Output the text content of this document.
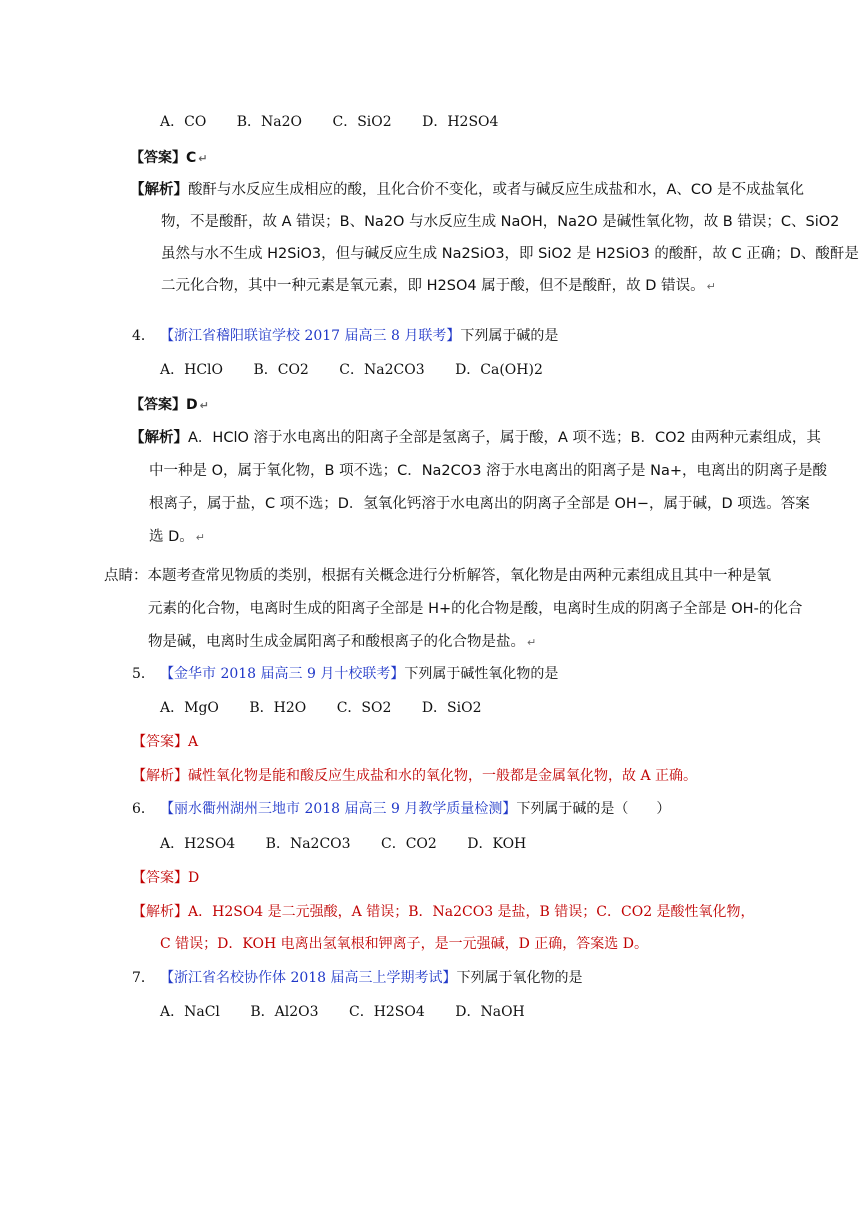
A．CO B．Na2O C．SiO2 D．H2SO4
【答案】C ↵
【解析】酸酐与水反应生成相应的酸，且化合价不变化，或者与碱反应生成盐和水，A、CO 是不成盐氧化
物，不是酸酐，故 A 错误；B、Na2O 与水反应生成 NaOH，Na2O 是碱性氧化物，故 B 错误；C、SiO2
虽然与水不生成 H2SiO3，但与碱反应生成 Na2SiO3，即 SiO2 是 H2SiO3 的酸酐，故 C 正确；D、酸酐是
二元化合物，其中一种元素是氧元素，即 H2SO4 属于酸，但不是酸酐，故 D 错误。 ↵
4． 【浙江省稽阳联谊学校 2017 届高三 8 月联考】下列属于碱的是
A．HClO B．CO2 C．Na2CO3 D．Ca(OH)2
【答案】D ↵
【解析】A．HClO 溶于水电离出的阳离子全部是氢离子，属于酸，A 项不选；B．CO2 由两种元素组成，其
中一种是 O，属于氧化物，B 项不选；C．Na2CO3 溶于水电离出的阳离子是 Na+，电离出的阴离子是酸
根离子，属于盐，C 项不选；D．氢氧化钙溶于水电离出的阴离子全部是 OH−，属于碱，D 项选。答案
选 D。 ↵
点睛：本题考查常见物质的类别，根据有关概念进行分析解答，氧化物是由两种元素组成且其中一种是氧
元素的化合物，电离时生成的阳离子全部是 H+的化合物是酸，电离时生成的阴离子全部是 OH-的化合
物是碱，电离时生成金属阳离子和酸根离子的化合物是盐。 ↵
5． 【金华市 2018 届高三 9 月十校联考】下列属于碱性氧化物的是
A．MgO B．H2O C．SO2 D．SiO2
【答案】A
【解析】碱性氧化物是能和酸反应生成盐和水的氧化物，一般都是金属氧化物，故 A 正确。
6． 【丽水衢州湖州三地市 2018 届高三 9 月教学质量检测】下列属于碱的是（　　）
A．H2SO4 B．Na2CO3 C．CO2 D．KOH
【答案】D
【解析】A．H2SO4 是二元强酸，A 错误；B．Na2CO3 是盐，B 错误；C．CO2 是酸性氧化物，
C 错误；D．KOH 电离出氢氧根和钾离子，是一元强碱，D 正确，答案选 D。
7． 【浙江省名校协作体 2018 届高三上学期考试】下列属于氧化物的是
A．NaCl B．Al2O3 C．H2SO4 D．NaOH
